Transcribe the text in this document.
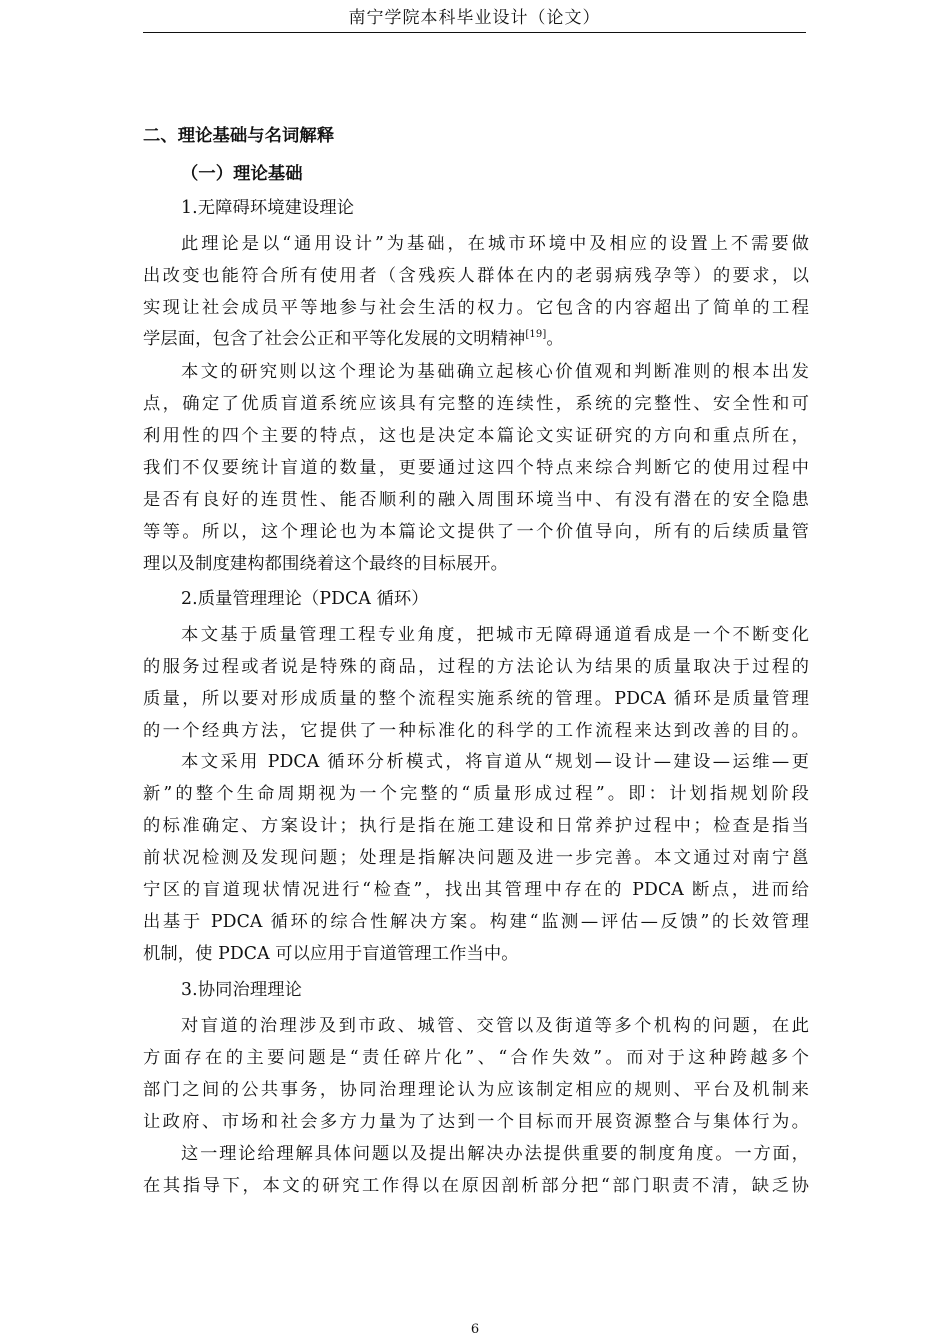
南宁学院本科毕业设计（论文）
二、理论基础与名词解释
（一）理论基础
1.无障碍环境建设理论
此理论是以“通用设计”为基础，在城市环境中及相应的设置上不需要做
出改变也能符合所有使用者（含残疾人群体在内的老弱病残孕等）的要求，以
实现让社会成员平等地参与社会生活的权力。它包含的内容超出了简单的工程
学层面，包含了社会公正和平等化发展的文明精神[19]。
本文的研究则以这个理论为基础确立起核心价值观和判断准则的根本出发
点，确定了优质盲道系统应该具有完整的连续性，系统的完整性、安全性和可
利用性的四个主要的特点，这也是决定本篇论文实证研究的方向和重点所在，
我们不仅要统计盲道的数量，更要通过这四个特点来综合判断它的使用过程中
是否有良好的连贯性、能否顺利的融入周围环境当中、有没有潜在的安全隐患
等等。所以，这个理论也为本篇论文提供了一个价值导向，所有的后续质量管
理以及制度建构都围绕着这个最终的目标展开。
2.质量管理理论（PDCA 循环）
本文基于质量管理工程专业角度，把城市无障碍通道看成是一个不断变化
的服务过程或者说是特殊的商品，过程的方法论认为结果的质量取决于过程的
质量，所以要对形成质量的整个流程实施系统的管理。PDCA 循环是质量管理
的一个经典方法，它提供了一种标准化的科学的工作流程来达到改善的目的。
本文采用 PDCA 循环分析模式，将盲道从“规划—设计—建设—运维—更
新”的整个生命周期视为一个完整的“质量形成过程”。即：计划指规划阶段
的标准确定、方案设计；执行是指在施工建设和日常养护过程中；检查是指当
前状况检测及发现问题；处理是指解决问题及进一步完善。本文通过对南宁邕
宁区的盲道现状情况进行“检查”，找出其管理中存在的 PDCA 断点，进而给
出基于 PDCA 循环的综合性解决方案。构建“监测—评估—反馈”的长效管理
机制，使 PDCA 可以应用于盲道管理工作当中。
3.协同治理理论
对盲道的治理涉及到市政、城管、交管以及街道等多个机构的问题，在此
方面存在的主要问题是“责任碎片化”、“合作失效”。而对于这种跨越多个
部门之间的公共事务，协同治理理论认为应该制定相应的规则、平台及机制来
让政府、市场和社会多方力量为了达到一个目标而开展资源整合与集体行为。
这一理论给理解具体问题以及提出解决办法提供重要的制度角度。一方面，
在其指导下，本文的研究工作得以在原因剖析部分把“部门职责不清，缺乏协
6
